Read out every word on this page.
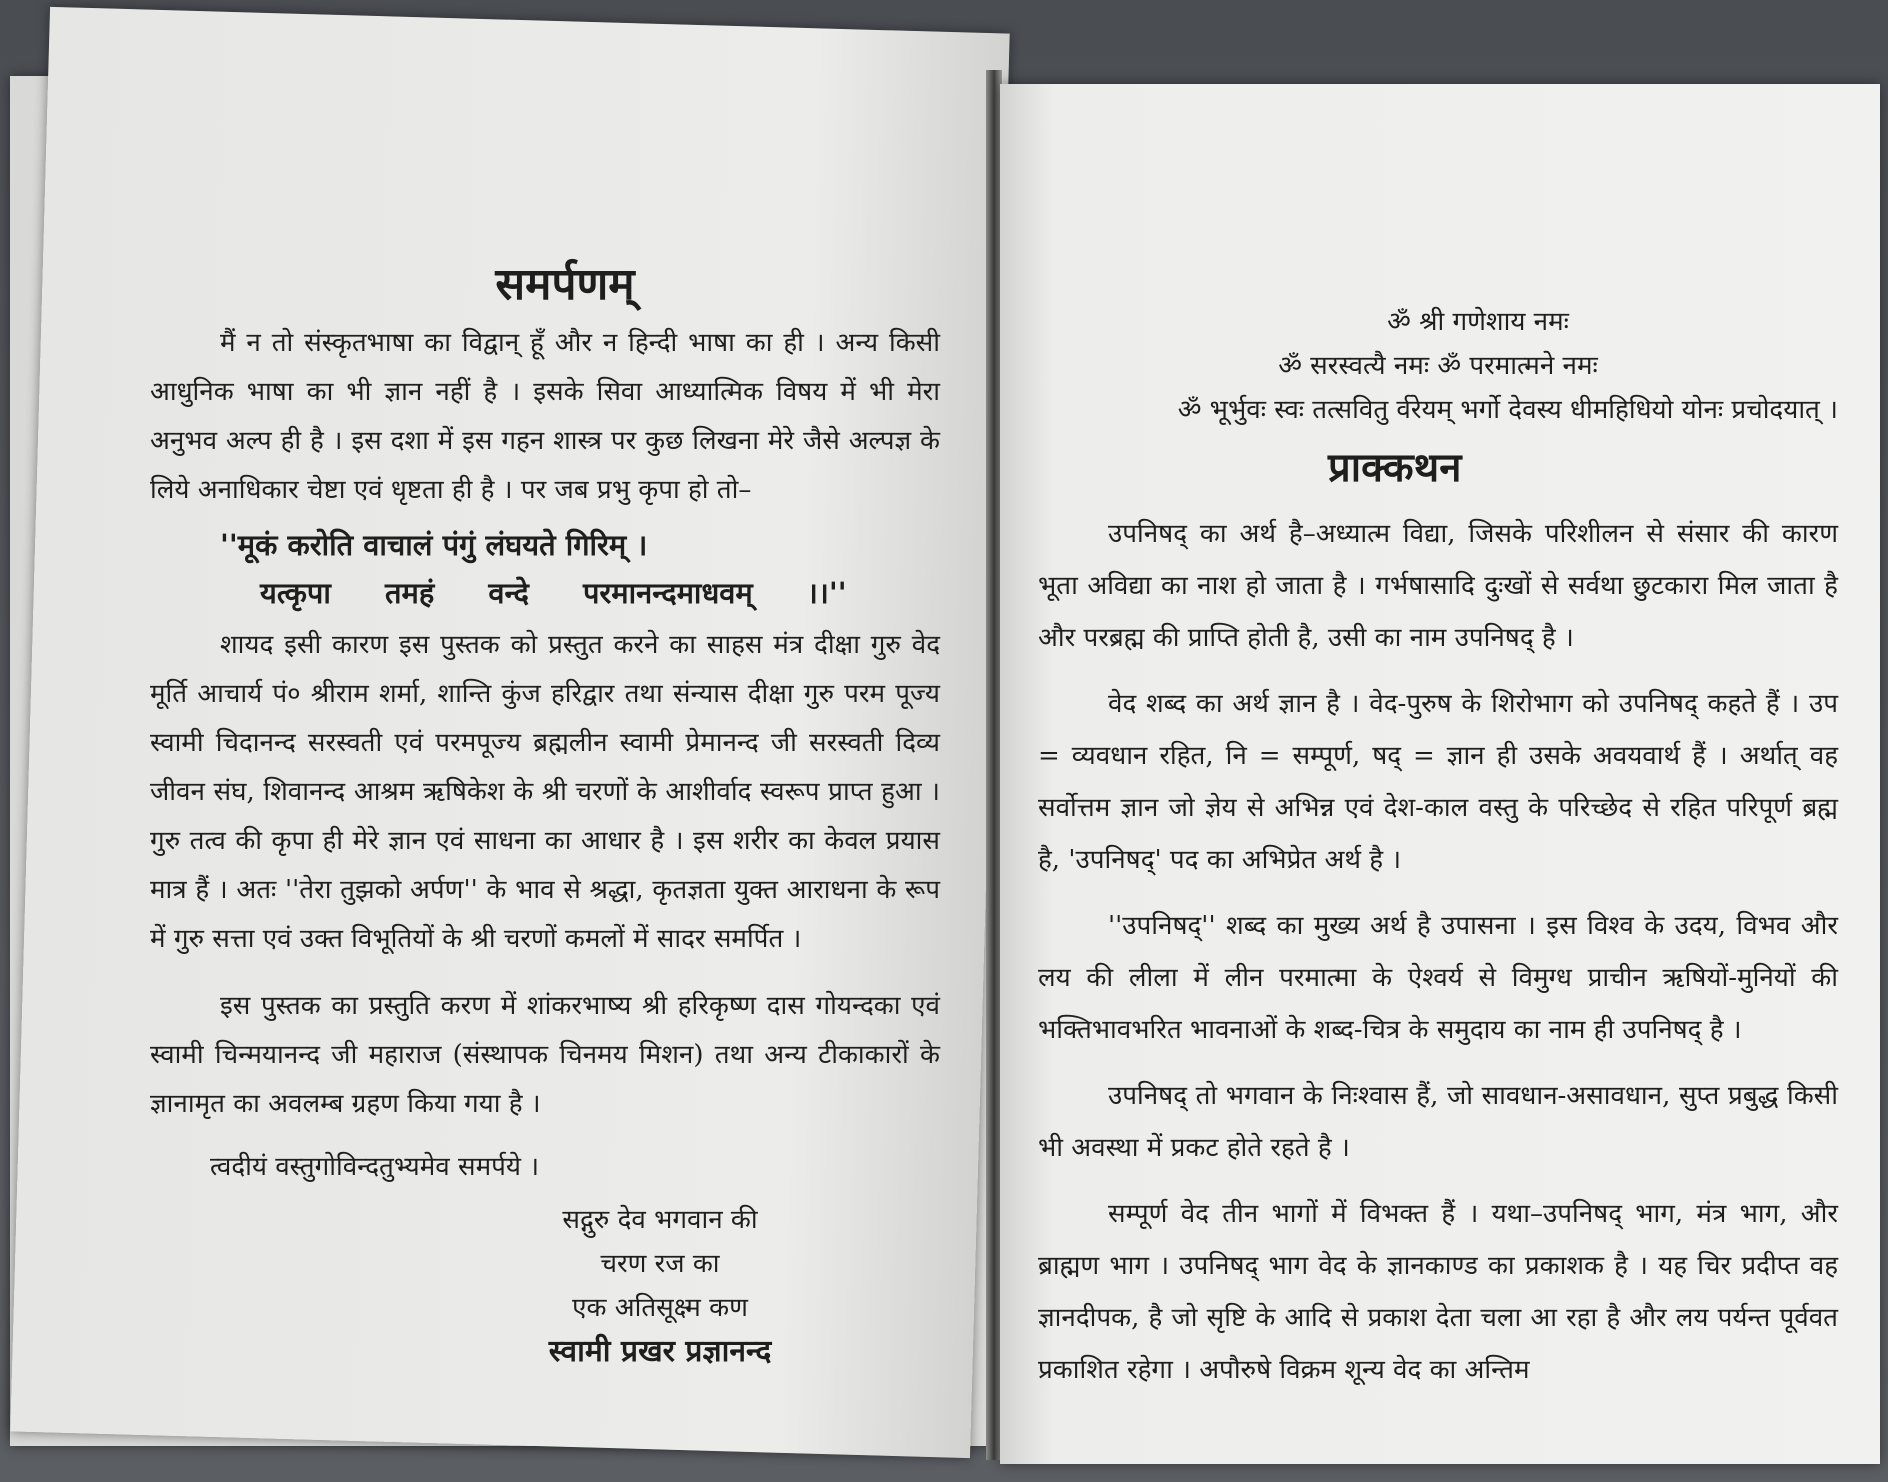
समर्पणम्

मैं न तो संस्कृतभाषा का विद्वान् हूँ और न हिन्दी भाषा का ही । अन्य किसी आधुनिक भाषा का भी ज्ञान नहीं है । इसके सिवा आध्यात्मिक विषय में भी मेरा अनुभव अल्प ही है । इस दशा में इस गहन शास्त्र पर कुछ लिखना मेरे जैसे अल्पज्ञ के लिये अनाधिकार चेष्टा एवं धृष्टता ही है । पर जब प्रभु कृपा हो तो–

''मूकं करोति वाचालं पंगुं लंघयते गिरिम् ।
यत्कृपा तमहं वन्दे परमानन्दमाधवम् ।।''

शायद इसी कारण इस पुस्तक को प्रस्तुत करने का साहस मंत्र दीक्षा गुरु वेद मूर्ति आचार्य पं० श्रीराम शर्मा, शान्ति कुंज हरिद्वार तथा संन्यास दीक्षा गुरु परम पूज्य स्वामी चिदानन्द सरस्वती एवं परमपूज्य ब्रह्मलीन स्वामी प्रेमानन्द जी सरस्वती दिव्य जीवन संघ, शिवानन्द आश्रम ऋषिकेश के श्री चरणों के आशीर्वाद स्वरूप प्राप्त हुआ । गुरु तत्व की कृपा ही मेरे ज्ञान एवं साधना का आधार है । इस शरीर का केवल प्रयास मात्र हैं । अतः ''तेरा तुझको अर्पण'' के भाव से श्रद्धा, कृतज्ञता युक्त आराधना के रूप में गुरु सत्ता एवं उक्त विभूतियों के श्री चरणों कमलों में सादर समर्पित ।

इस पुस्तक का प्रस्तुति करण में शांकरभाष्य श्री हरिकृष्ण दास गोयन्दका एवं स्वामी चिन्मयानन्द जी महाराज (संस्थापक चिनमय मिशन) तथा अन्य टीकाकारों के ज्ञानामृत का अवलम्ब ग्रहण किया गया है ।

त्वदीयं वस्तुगोविन्दतुभ्यमेव समर्पये ।

सद्गुरु देव भगवान की
चरण रज का
एक अतिसूक्ष्म कण
स्वामी प्रखर प्रज्ञानन्द

ॐ श्री गणेशाय नमः

ॐ सरस्वत्यै नमः ॐ परमात्मने नमः

ॐ भूर्भुवः स्वः तत्सवितु र्वरेयम् भर्गो देवस्य धीमहिधियो योनः प्रचोदयात् ।

प्राक्कथन

उपनिषद् का अर्थ है–अध्यात्म विद्या, जिसके परिशीलन से संसार की कारण भूता अविद्या का नाश हो जाता है । गर्भषासादि दुःखों से सर्वथा छुटकारा मिल जाता है और परब्रह्म की प्राप्ति होती है, उसी का नाम उपनिषद् है ।

वेद शब्द का अर्थ ज्ञान है । वेद-पुरुष के शिरोभाग को उपनिषद् कहते हैं । उप = व्यवधान रहित, नि = सम्पूर्ण, षद् = ज्ञान ही उसके अवयवार्थ हैं । अर्थात् वह सर्वोत्तम ज्ञान जो ज्ञेय से अभिन्न एवं देश-काल वस्तु के परिच्छेद से रहित परिपूर्ण ब्रह्म है, 'उपनिषद्' पद का अभिप्रेत अर्थ है ।

''उपनिषद्'' शब्द का मुख्य अर्थ है उपासना । इस विश्व के उदय, विभव और लय की लीला में लीन परमात्मा के ऐश्वर्य से विमुग्ध प्राचीन ऋषियों-मुनियों की भक्तिभावभरित भावनाओं के शब्द-चित्र के समुदाय का नाम ही उपनिषद् है ।

उपनिषद् तो भगवान के निःश्वास हैं, जो सावधान-असावधान, सुप्त प्रबुद्ध किसी भी अवस्था में प्रकट होते रहते है ।

सम्पूर्ण वेद तीन भागों में विभक्त हैं । यथा–उपनिषद् भाग, मंत्र भाग, और ब्राह्मण भाग । उपनिषद् भाग वेद के ज्ञानकाण्ड का प्रकाशक है । यह चिर प्रदीप्त वह ज्ञानदीपक, है जो सृष्टि के आदि से प्रकाश देता चला आ रहा है और लय पर्यन्त पूर्ववत प्रकाशित रहेगा । अपौरुषे विक्रम शून्य वेद का अन्तिम
